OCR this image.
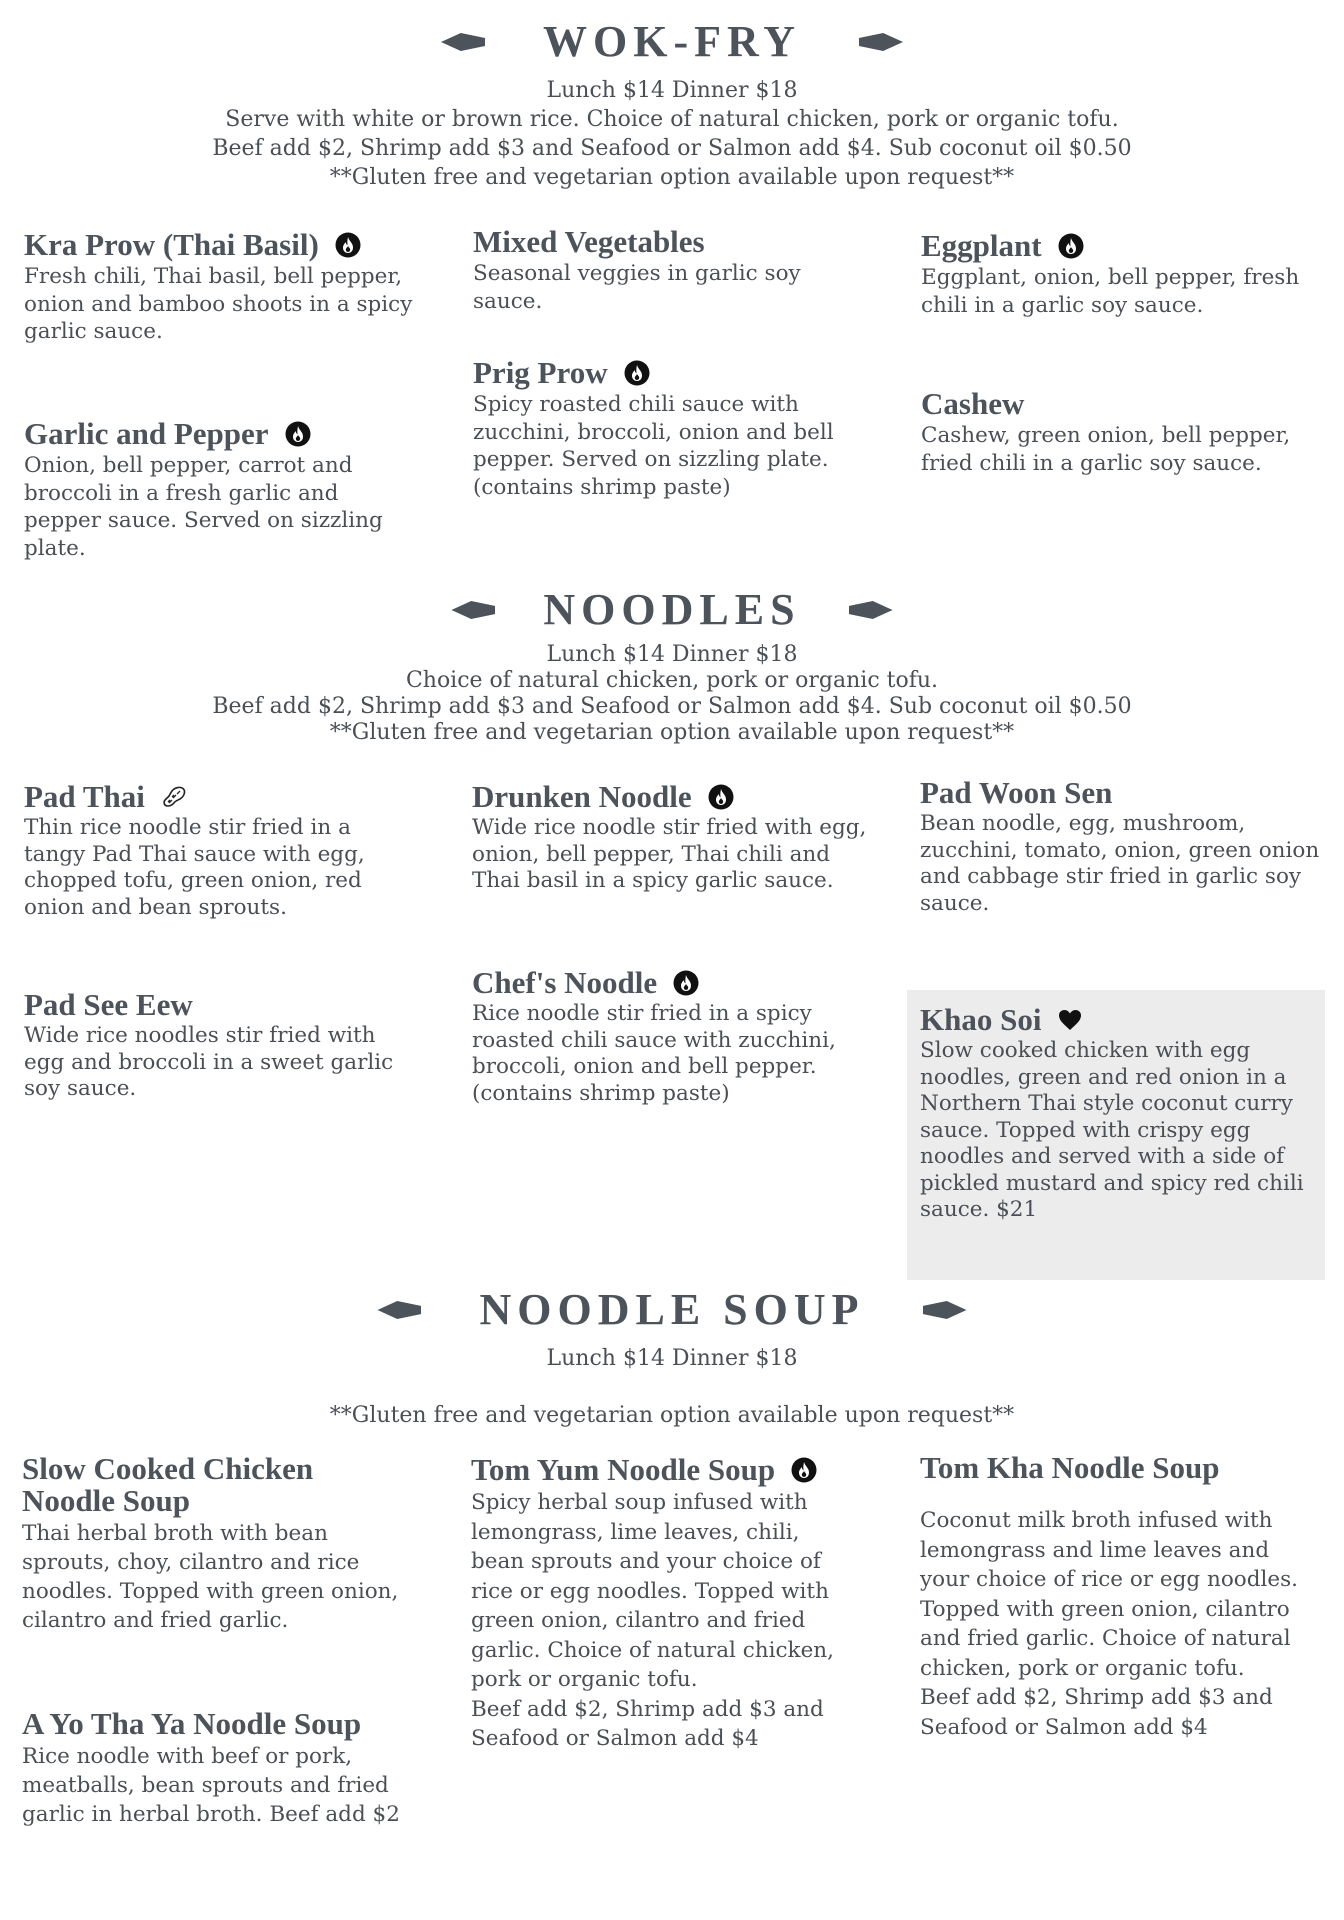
WOK-FRY

Lunch $14 Dinner $18

Serve with white or brown rice. Choice of natural chicken, pork or organic tofu.

Beef add $2, Shrimp add $3 and Seafood or Salmon add $4. Sub coconut oil $0.50

**Gluten free and vegetarian option available upon request**

Kra Prow (Thai Basil)

Fresh chili, Thai basil, bell pepper, onion and bamboo shoots in a spicy garlic sauce.

Garlic and Pepper

Onion, bell pepper, carrot and broccoli in a fresh garlic and pepper sauce. Served on sizzling plate.

Mixed Vegetables

Seasonal veggies in garlic soy sauce.

Prig Prow

Spicy roasted chili sauce with zucchini, broccoli, onion and bell pepper. Served on sizzling plate. (contains shrimp paste)

Eggplant

Eggplant, onion, bell pepper, fresh chili in a garlic soy sauce.

Cashew

Cashew, green onion, bell pepper, fried chili in a garlic soy sauce.

NOODLES

Lunch $14 Dinner $18

Choice of natural chicken, pork or organic tofu.

Beef add $2, Shrimp add $3 and Seafood or Salmon add $4. Sub coconut oil $0.50

**Gluten free and vegetarian option available upon request**

Pad Thai

Thin rice noodle stir fried in a tangy Pad Thai sauce with egg, chopped tofu, green onion, red onion and bean sprouts.

Pad See Eew

Wide rice noodles stir fried with egg and broccoli in a sweet garlic soy sauce.

Drunken Noodle

Wide rice noodle stir fried with egg, onion, bell pepper, Thai chili and Thai basil in a spicy garlic sauce.

Chef's Noodle

Rice noodle stir fried in a spicy roasted chili sauce with zucchini, broccoli, onion and bell pepper. (contains shrimp paste)

Pad Woon Sen

Bean noodle, egg, mushroom, zucchini, tomato, onion, green onion and cabbage stir fried in garlic soy sauce.

Khao Soi

Slow cooked chicken with egg noodles, green and red onion in a Northern Thai style coconut curry sauce. Topped with crispy egg noodles and served with a side of pickled mustard and spicy red chili sauce. $21

NOODLE SOUP

Lunch $14 Dinner $18

**Gluten free and vegetarian option available upon request**

Slow Cooked Chicken Noodle Soup

Thai herbal broth with bean sprouts, choy, cilantro and rice noodles. Topped with green onion, cilantro and fried garlic.

A Yo Tha Ya Noodle Soup

Rice noodle with beef or pork, meatballs, bean sprouts and fried garlic in herbal broth. Beef add $2

Tom Yum Noodle Soup

Spicy herbal soup infused with lemongrass, lime leaves, chili, bean sprouts and your choice of rice or egg noodles. Topped with green onion, cilantro and fried garlic. Choice of natural chicken, pork or organic tofu.
Beef add $2, Shrimp add $3 and Seafood or Salmon add $4

Tom Kha Noodle Soup

Coconut milk broth infused with lemongrass and lime leaves and your choice of rice or egg noodles. Topped with green onion, cilantro and fried garlic. Choice of natural chicken, pork or organic tofu.
Beef add $2, Shrimp add $3 and Seafood or Salmon add $4
